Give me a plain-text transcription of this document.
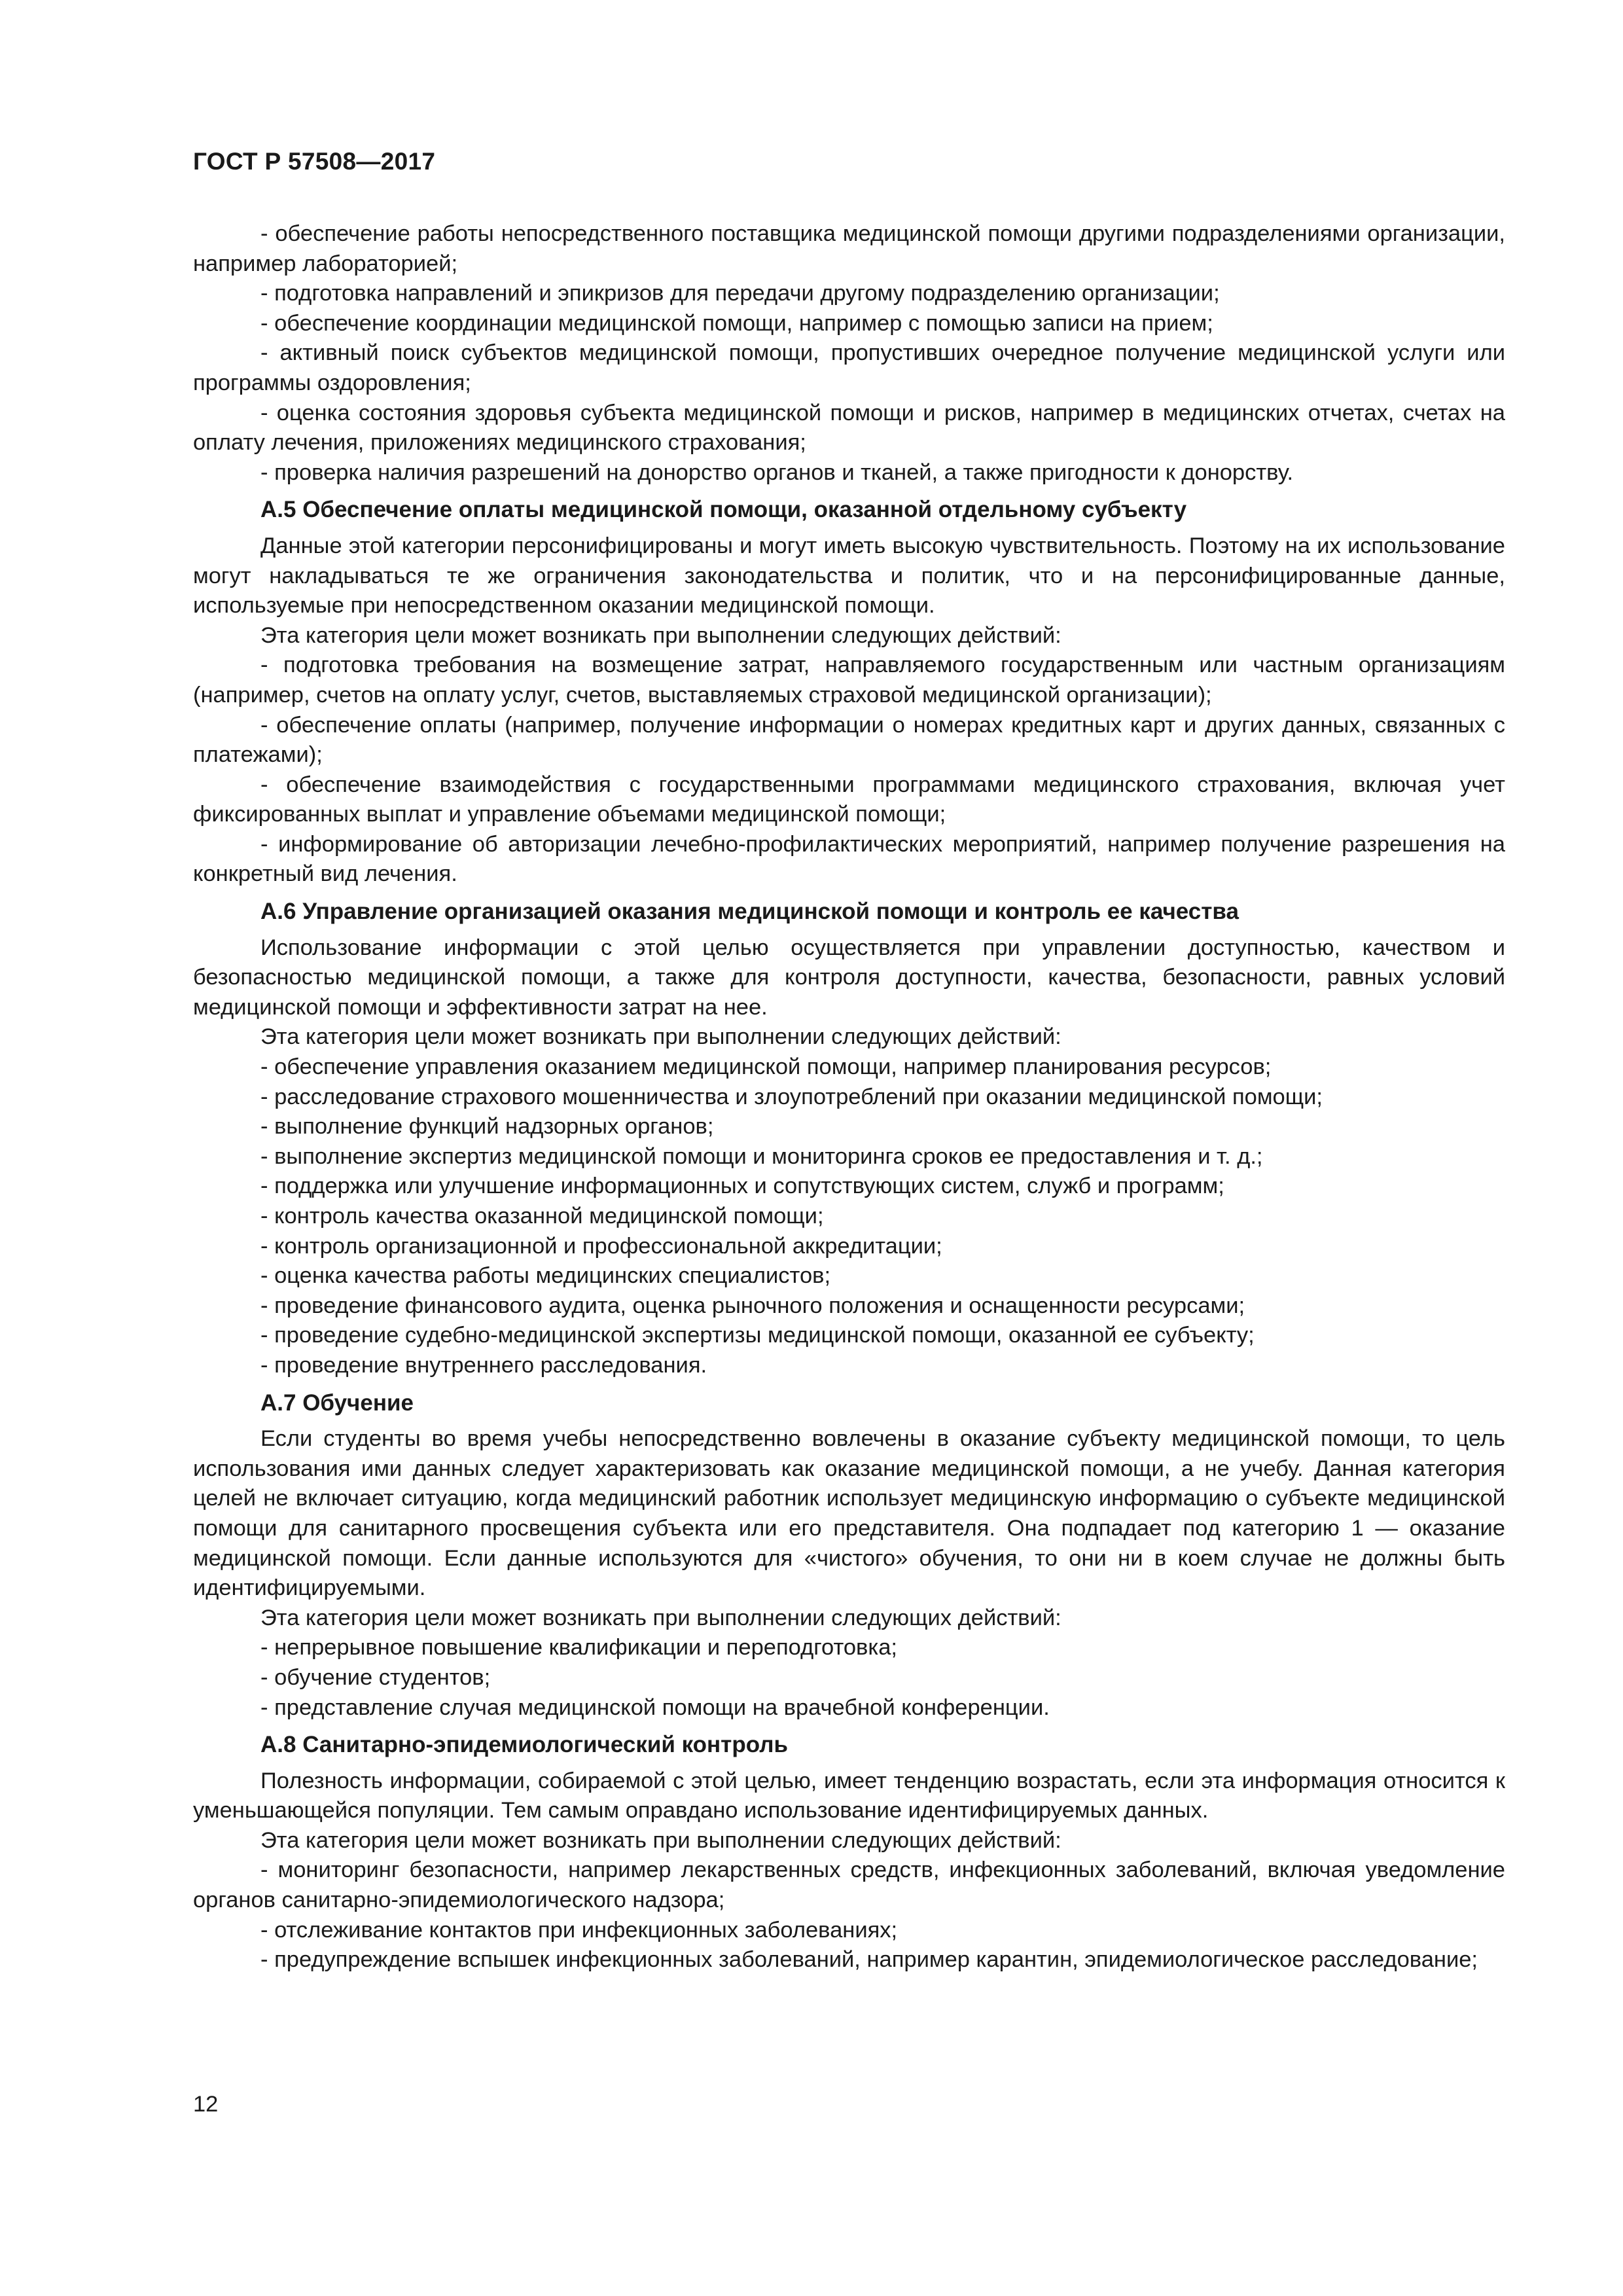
ГОСТ Р 57508—2017

- обеспечение работы непосредственного поставщика медицинской помощи другими подразделениями организации, например лабораторией;

- подготовка направлений и эпикризов для передачи другому подразделению организации;

- обеспечение координации медицинской помощи, например с помощью записи на прием;

- активный поиск субъектов медицинской помощи, пропустивших очередное получение медицинской услуги или программы оздоровления;

- оценка состояния здоровья субъекта медицинской помощи и рисков, например в медицинских отчетах, счетах на оплату лечения, приложениях медицинского страхования;

- проверка наличия разрешений на донорство органов и тканей, а также пригодности к донорству.

А.5 Обеспечение оплаты медицинской помощи, оказанной отдельному субъекту

Данные этой категории персонифицированы и могут иметь высокую чувствительность. Поэтому на их использование могут накладываться те же ограничения законодательства и политик, что и на персонифицированные данные, используемые при непосредственном оказании медицинской помощи.

Эта категория цели может возникать при выполнении следующих действий:

- подготовка требования на возмещение затрат, направляемого государственным или частным организациям (например, счетов на оплату услуг, счетов, выставляемых страховой медицинской организации);

- обеспечение оплаты (например, получение информации о номерах кредитных карт и других данных, связанных с платежами);

- обеспечение взаимодействия с государственными программами медицинского страхования, включая учет фиксированных выплат и управление объемами медицинской помощи;

- информирование об авторизации лечебно-профилактических мероприятий, например получение разрешения на конкретный вид лечения.

А.6 Управление организацией оказания медицинской помощи и контроль ее качества

Использование информации с этой целью осуществляется при управлении доступностью, качеством и безопасностью медицинской помощи, а также для контроля доступности, качества, безопасности, равных условий медицинской помощи и эффективности затрат на нее.

Эта категория цели может возникать при выполнении следующих действий:

- обеспечение управления оказанием медицинской помощи, например планирования ресурсов;

- расследование страхового мошенничества и злоупотреблений при оказании медицинской помощи;

- выполнение функций надзорных органов;

- выполнение экспертиз медицинской помощи и мониторинга сроков ее предоставления и т. д.;

- поддержка или улучшение информационных и сопутствующих систем, служб и программ;

- контроль качества оказанной медицинской помощи;

- контроль организационной и профессиональной аккредитации;

- оценка качества работы медицинских специалистов;

- проведение финансового аудита, оценка рыночного положения и оснащенности ресурсами;

- проведение судебно-медицинской экспертизы медицинской помощи, оказанной ее субъекту;

- проведение внутреннего расследования.

А.7 Обучение

Если студенты во время учебы непосредственно вовлечены в оказание субъекту медицинской помощи, то цель использования ими данных следует характеризовать как оказание медицинской помощи, а не учебу. Данная категория целей не включает ситуацию, когда медицинский работник использует медицинскую информацию о субъекте медицинской помощи для санитарного просвещения субъекта или его представителя. Она подпадает под категорию 1 — оказание медицинской помощи. Если данные используются для «чистого» обучения, то они ни в коем случае не должны быть идентифицируемыми.

Эта категория цели может возникать при выполнении следующих действий:

- непрерывное повышение квалификации и переподготовка;

- обучение студентов;

- представление случая медицинской помощи на врачебной конференции.

А.8 Санитарно-эпидемиологический контроль

Полезность информации, собираемой с этой целью, имеет тенденцию возрастать, если эта информация относится к уменьшающейся популяции. Тем самым оправдано использование идентифицируемых данных.

Эта категория цели может возникать при выполнении следующих действий:

- мониторинг безопасности, например лекарственных средств, инфекционных заболеваний, включая уведомление органов санитарно-эпидемиологического надзора;

- отслеживание контактов при инфекционных заболеваниях;

- предупреждение вспышек инфекционных заболеваний, например карантин, эпидемиологическое расследование;

12
